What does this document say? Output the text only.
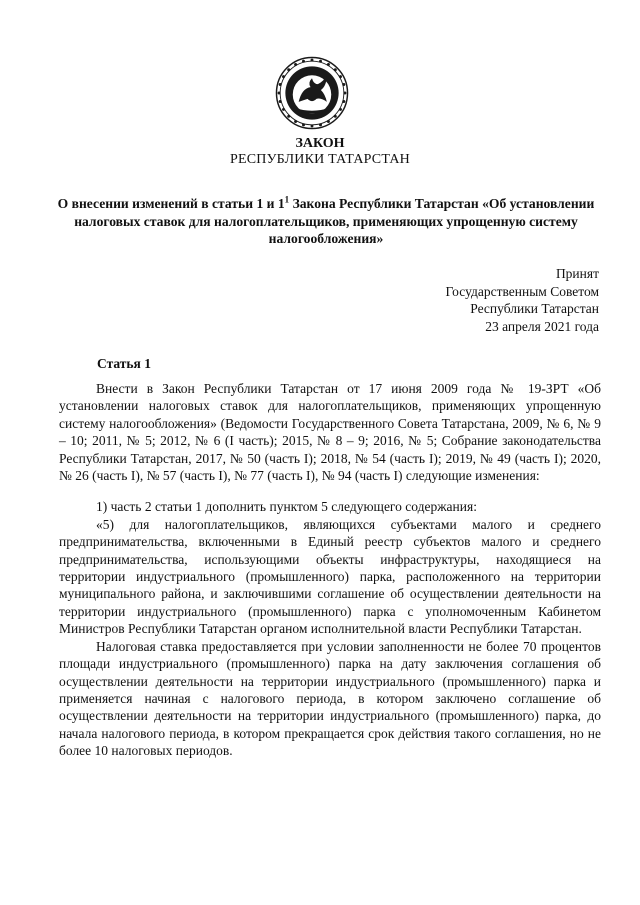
ЗАКОН
РЕСПУБЛИКИ ТАТАРСТАН
О внесении изменений в статьи 1 и $1^1$ Закона Республики Татарстан «Об установлении налоговых ставок для налогоплательщиков, применяющих упрощенную систему налогообложения»
Принят
Государственным Советом
Республики Татарстан
23 апреля 2021 года
Статья 1

Внести в Закон Республики Татарстан от 17 июня 2009 года № 19-ЗРТ «Об установлении налоговых ставок для налогоплательщиков, применяющих упрощенную систему налогообложения» (Ведомости Государственного Совета Татарстана, 2009, № 6, № 9 – 10; 2011, № 5; 2012, № 6 (I часть); 2015, № 8 – 9; 2016, № 5; Собрание законодательства Республики Татарстан, 2017, № 50 (часть I); 2018, № 54 (часть I); 2019, № 49 (часть I); 2020, № 26 (часть I), № 57 (часть I), № 77 (часть I), № 94 (часть I) следующие изменения:

1) часть 2 статьи 1 дополнить пунктом 5 следующего содержания:

«5) для налогоплательщиков, являющихся субъектами малого и среднего предпринимательства, включенными в Единый реестр субъектов малого и среднего предпринимательства, использующими объекты инфраструктуры, находящиеся на территории индустриального (промышленного) парка, расположенного на территории муниципального района, и заключившими соглашение об осуществлении деятельности на территории индустриального (промышленного) парка с уполномоченным Кабинетом Министров Республики Татарстан органом исполнительной власти Республики Татарстан.

Налоговая ставка предоставляется при условии заполненности не более 70 процентов площади индустриального (промышленного) парка на дату заключения соглашения об осуществлении деятельности на территории индустриального (промышленного) парка и применяется начиная с налогового периода, в котором заключено соглашение об осуществлении деятельности на территории индустриального (промышленного) парка, до начала налогового периода, в котором прекращается срок действия такого соглашения, но не более 10 налоговых периодов.
